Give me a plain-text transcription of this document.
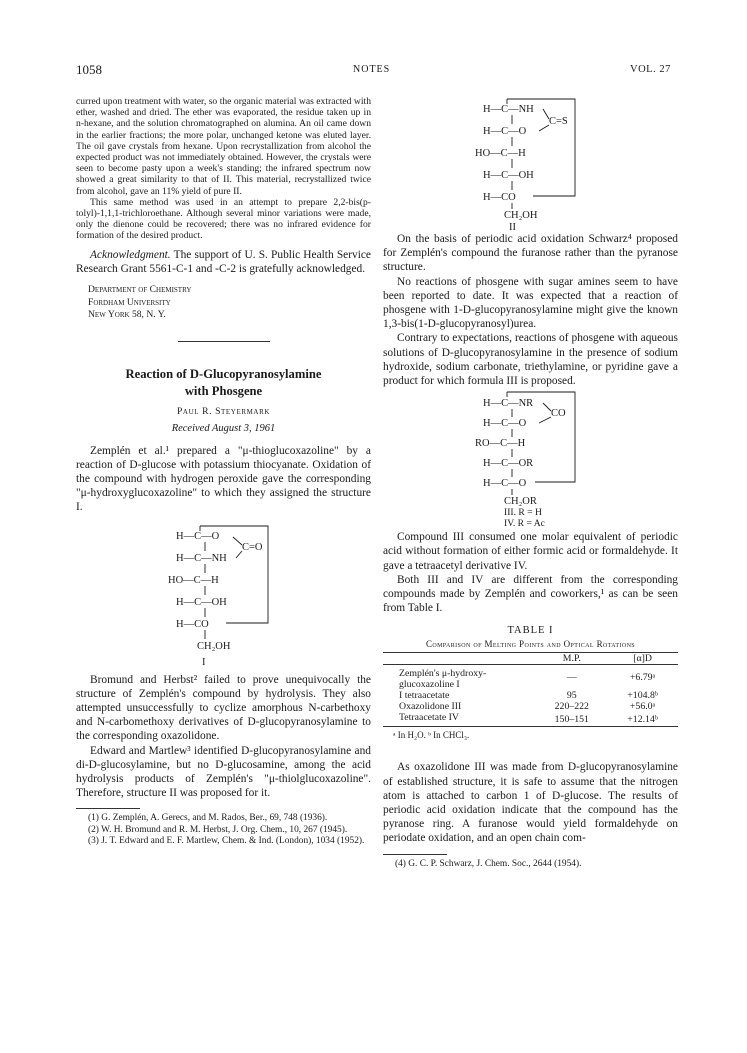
1058	NOTES	VOL. 27

curred upon treatment with water, so the organic material was extracted with ether, washed and dried. The ether was evaporated, the residue taken up in n-hexane, and the solution chromatographed on alumina. An oil came down in the earlier fractions; the more polar, unchanged ketone was eluted layer. The oil gave crystals from hexane. Upon recrystallization from alcohol the expected product was not immediately obtained. However, the crystals were seen to become pasty upon a week's standing; the infrared spectrum now showed a great similarity to that of II. This material, recrystallized twice from alcohol, gave an 11% yield of pure II.

This same method was used in an attempt to prepare 2,2-bis(p-tolyl)-1,1,1-trichloroethane. Although several minor variations were made, only the dienone could be recovered; there was no infrared evidence for formation of the desired product.

Acknowledgment. The support of U. S. Public Health Service Research Grant 5561-C-1 and -C-2 is gratefully acknowledged.

Department of Chemistry
Fordham University
New York 58, N. Y.
Reaction of D-Glucopyranosylamine
with Phosgene
Paul R. Steyermark
Received August 3, 1961

Zemplén et al.¹ prepared a "μ-thioglucoxazoline" by a reaction of D-glucose with potassium thiocyanate. Oxidation of the compound with hydrogen peroxide gave the corresponding "μ-hydroxyglucoxazoline" to which they assigned the structure I.

H—C—O
H—C—NH
HO—C—H
H—C—OH
H—CO
CH₂OH
C=O
I

Bromund and Herbst² failed to prove unequivocally the structure of Zemplén's compound by hydrolysis. They also attempted unsuccessfully to cyclize amorphous N-carbethoxy and N-carbomethoxy derivatives of D-glucopyranosylamine to the corresponding oxazolidone.

Edward and Martlew³ identified D-glucopyranosylamine and di-D-glucosylamine, but no D-glucosamine, among the acid hydrolysis products of Zemplén's "μ-thiolglucoxazoline". Therefore, structure II was proposed for it.

(1) G. Zemplén, A. Gerecs, and M. Rados, Ber., 69, 748 (1936).

(2) W. H. Bromund and R. M. Herbst, J. Org. Chem., 10, 267 (1945).

(3) J. T. Edward and E. F. Martlew, Chem. & Ind. (London), 1034 (1952).

H—C—NH
H—C—O
HO—C—H
H—C—OH
H—CO
CH₂OH
C=S
II

On the basis of periodic acid oxidation Schwarz⁴ proposed for Zemplén's compound the furanose rather than the pyranose structure.

No reactions of phosgene with sugar amines seem to have been reported to date. It was expected that a reaction of phosgene with 1-D-glucopyranosylamine might give the known 1,3-bis(1-D-glucopyranosyl)urea.

Contrary to expectations, reactions of phosgene with aqueous solutions of D-glucopyranosylamine in the presence of sodium hydroxide, sodium carbonate, triethylamine, or pyridine gave a product for which formula III is proposed.

H—C—NR
H—C—O
RO—C—H
H—C—OR
H—C—O
CH₂OR
CO
III. R = H
IV. R = Ac

Compound III consumed one molar equivalent of periodic acid without formation of either formic acid or formaldehyde. It gave a tetraacetyl derivative IV.

Both III and IV are different from the corresponding compounds made by Zemplén and coworkers,¹ as can be seen from Table I.

TABLE I
Comparison of Melting Points and Optical Rotations
	M.P.	[α]D
Zemplén's μ-hydroxy-glucoxazoline I	—	+6.79ᵃ
I tetraacetate	95	+104.8ᵇ
Oxazolidone III	220–222	+56.0ᵃ
Tetraacetate IV	150–151	+12.14ᵇ
ᵃ In H₂O. ᵇ In CHCl₃.

As oxazolidone III was made from D-glucopyranosylamine of established structure, it is safe to assume that the nitrogen atom is attached to carbon 1 of D-glucose. The results of periodic acid oxidation indicate that the compound has the pyranose ring. A furanose would yield formaldehyde on periodate oxidation, and an open chain com-

(4) G. C. P. Schwarz, J. Chem. Soc., 2644 (1954).
